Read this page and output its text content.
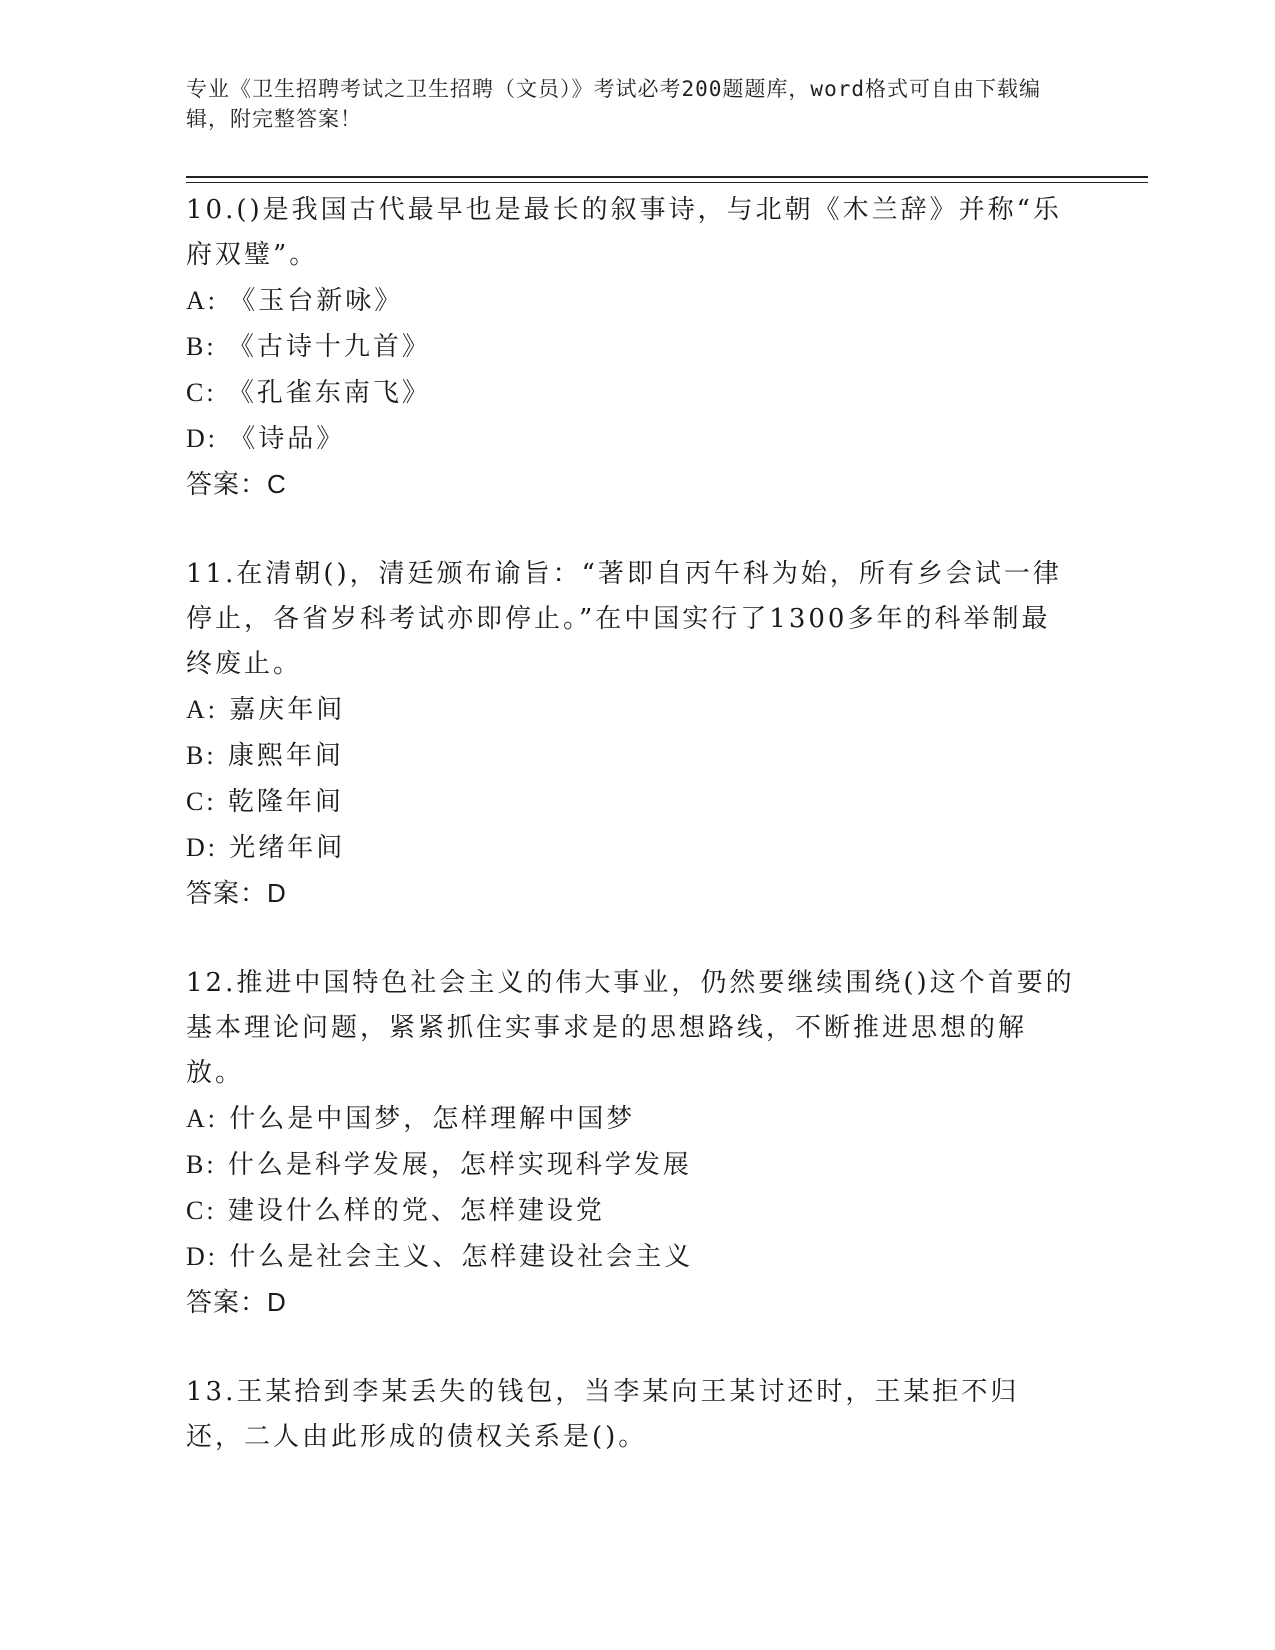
专业《卫生招聘考试之卫生招聘（文员）》考试必考200题题库，word格式可自由下载编辑，附完整答案！

10.()是我国古代最早也是最长的叙事诗，与北朝《木兰辞》并称“乐府双璧”。

A: 《玉台新咏》
B: 《古诗十九首》
C: 《孔雀东南飞》
D: 《诗品》

答案：C

11.在清朝()，清廷颁布谕旨：“著即自丙午科为始，所有乡会试一律停止，各省岁科考试亦即停止。”在中国实行了1300多年的科举制最终废止。

A: 嘉庆年间
B: 康熙年间
C: 乾隆年间
D: 光绪年间

答案：D

12.推进中国特色社会主义的伟大事业，仍然要继续围绕()这个首要的基本理论问题，紧紧抓住实事求是的思想路线，不断推进思想的解放。

A: 什么是中国梦，怎样理解中国梦
B: 什么是科学发展，怎样实现科学发展
C: 建设什么样的党、怎样建设党
D: 什么是社会主义、怎样建设社会主义

答案：D

13.王某拾到李某丢失的钱包，当李某向王某讨还时，王某拒不归还，二人由此形成的债权关系是()。
